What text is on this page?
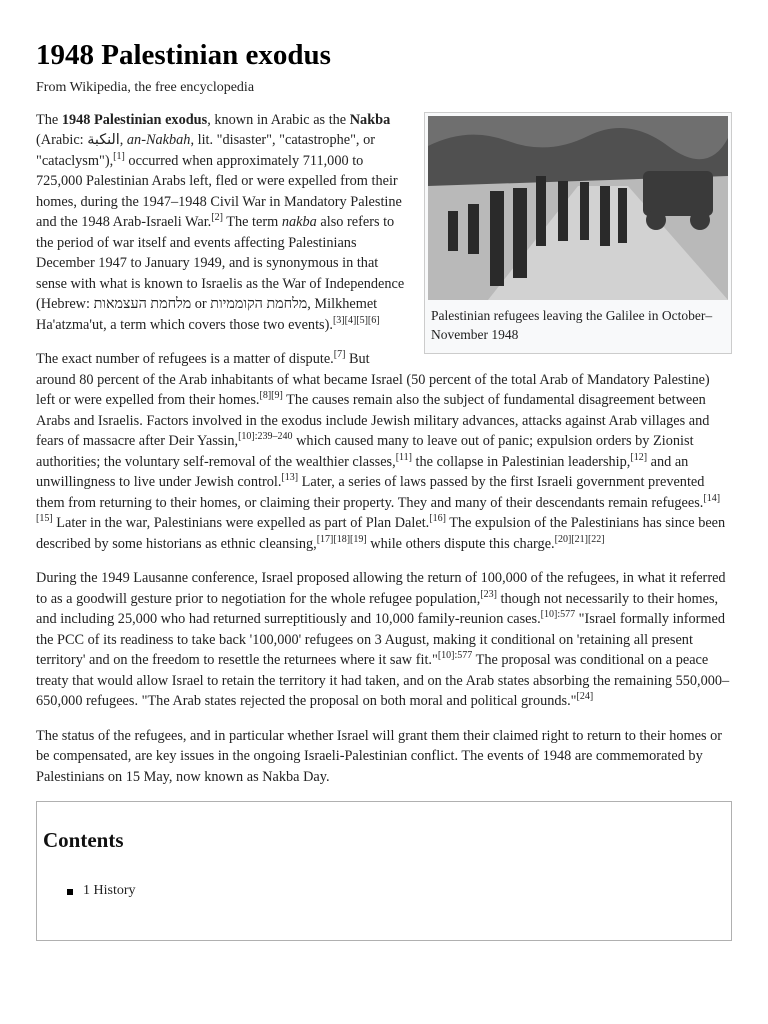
1948 Palestinian exodus
From Wikipedia, the free encyclopedia
Palestinian refugees leaving the Galilee in October–November 1948

The 1948 Palestinian exodus, known in Arabic as the Nakba (Arabic: النكبة, an-Nakbah, lit. "disaster", "catastrophe", or "cataclysm"),[1] occurred when approximately 711,000 to 725,000 Palestinian Arabs left, fled or were expelled from their homes, during the 1947–1948 Civil War in Mandatory Palestine and the 1948 Arab-Israeli War.[2] The term nakba also refers to the period of war itself and events affecting Palestinians December 1947 to January 1949, and is synonymous in that sense with what is known to Israelis as the War of Independence (Hebrew: מלחמת העצמאות or מלחמת הקוממיות, Milkhemet Ha'atzma'ut, a term which covers those two events).[3][4][5][6]

The exact number of refugees is a matter of dispute.[7] But around 80 percent of the Arab inhabitants of what became Israel (50 percent of the total Arab of Mandatory Palestine) left or were expelled from their homes.[8][9] The causes remain also the subject of fundamental disagreement between Arabs and Israelis. Factors involved in the exodus include Jewish military advances, attacks against Arab villages and fears of massacre after Deir Yassin,$^{[10]:239-240}$ which caused many to leave out of panic; expulsion orders by Zionist authorities; the voluntary self-removal of the wealthier classes,[11] the collapse in Palestinian leadership,[12] and an unwillingness to live under Jewish control.[13] Later, a series of laws passed by the first Israeli government prevented them from returning to their homes, or claiming their property. They and many of their descendants remain refugees.[14][15] Later in the war, Palestinians were expelled as part of Plan Dalet.[16] The expulsion of the Palestinians has since been described by some historians as ethnic cleansing,[17][18][19] while others dispute this charge.[20][21][22]

During the 1949 Lausanne conference, Israel proposed allowing the return of 100,000 of the refugees, in what it referred to as a goodwill gesture prior to negotiation for the whole refugee population,[23] though not necessarily to their homes, and including 25,000 who had returned surreptitiously and 10,000 family-reunion cases.$^{[10]:577}$ "Israel formally informed the PCC of its readiness to take back '100,000' refugees on 3 August, making it conditional on 'retaining all present territory' and on the freedom to resettle the returnees where it saw fit."$^{[10]:577}$ The proposal was conditional on a peace treaty that would allow Israel to retain the territory it had taken, and on the Arab states absorbing the remaining 550,000–650,000 refugees. "The Arab states rejected the proposal on both moral and political grounds."[24]

The status of the refugees, and in particular whether Israel will grant them their claimed right to return to their homes or be compensated, are key issues in the ongoing Israeli-Palestinian conflict. The events of 1948 are commemorated by Palestinians on 15 May, now known as Nakba Day.

Contents
1 History
